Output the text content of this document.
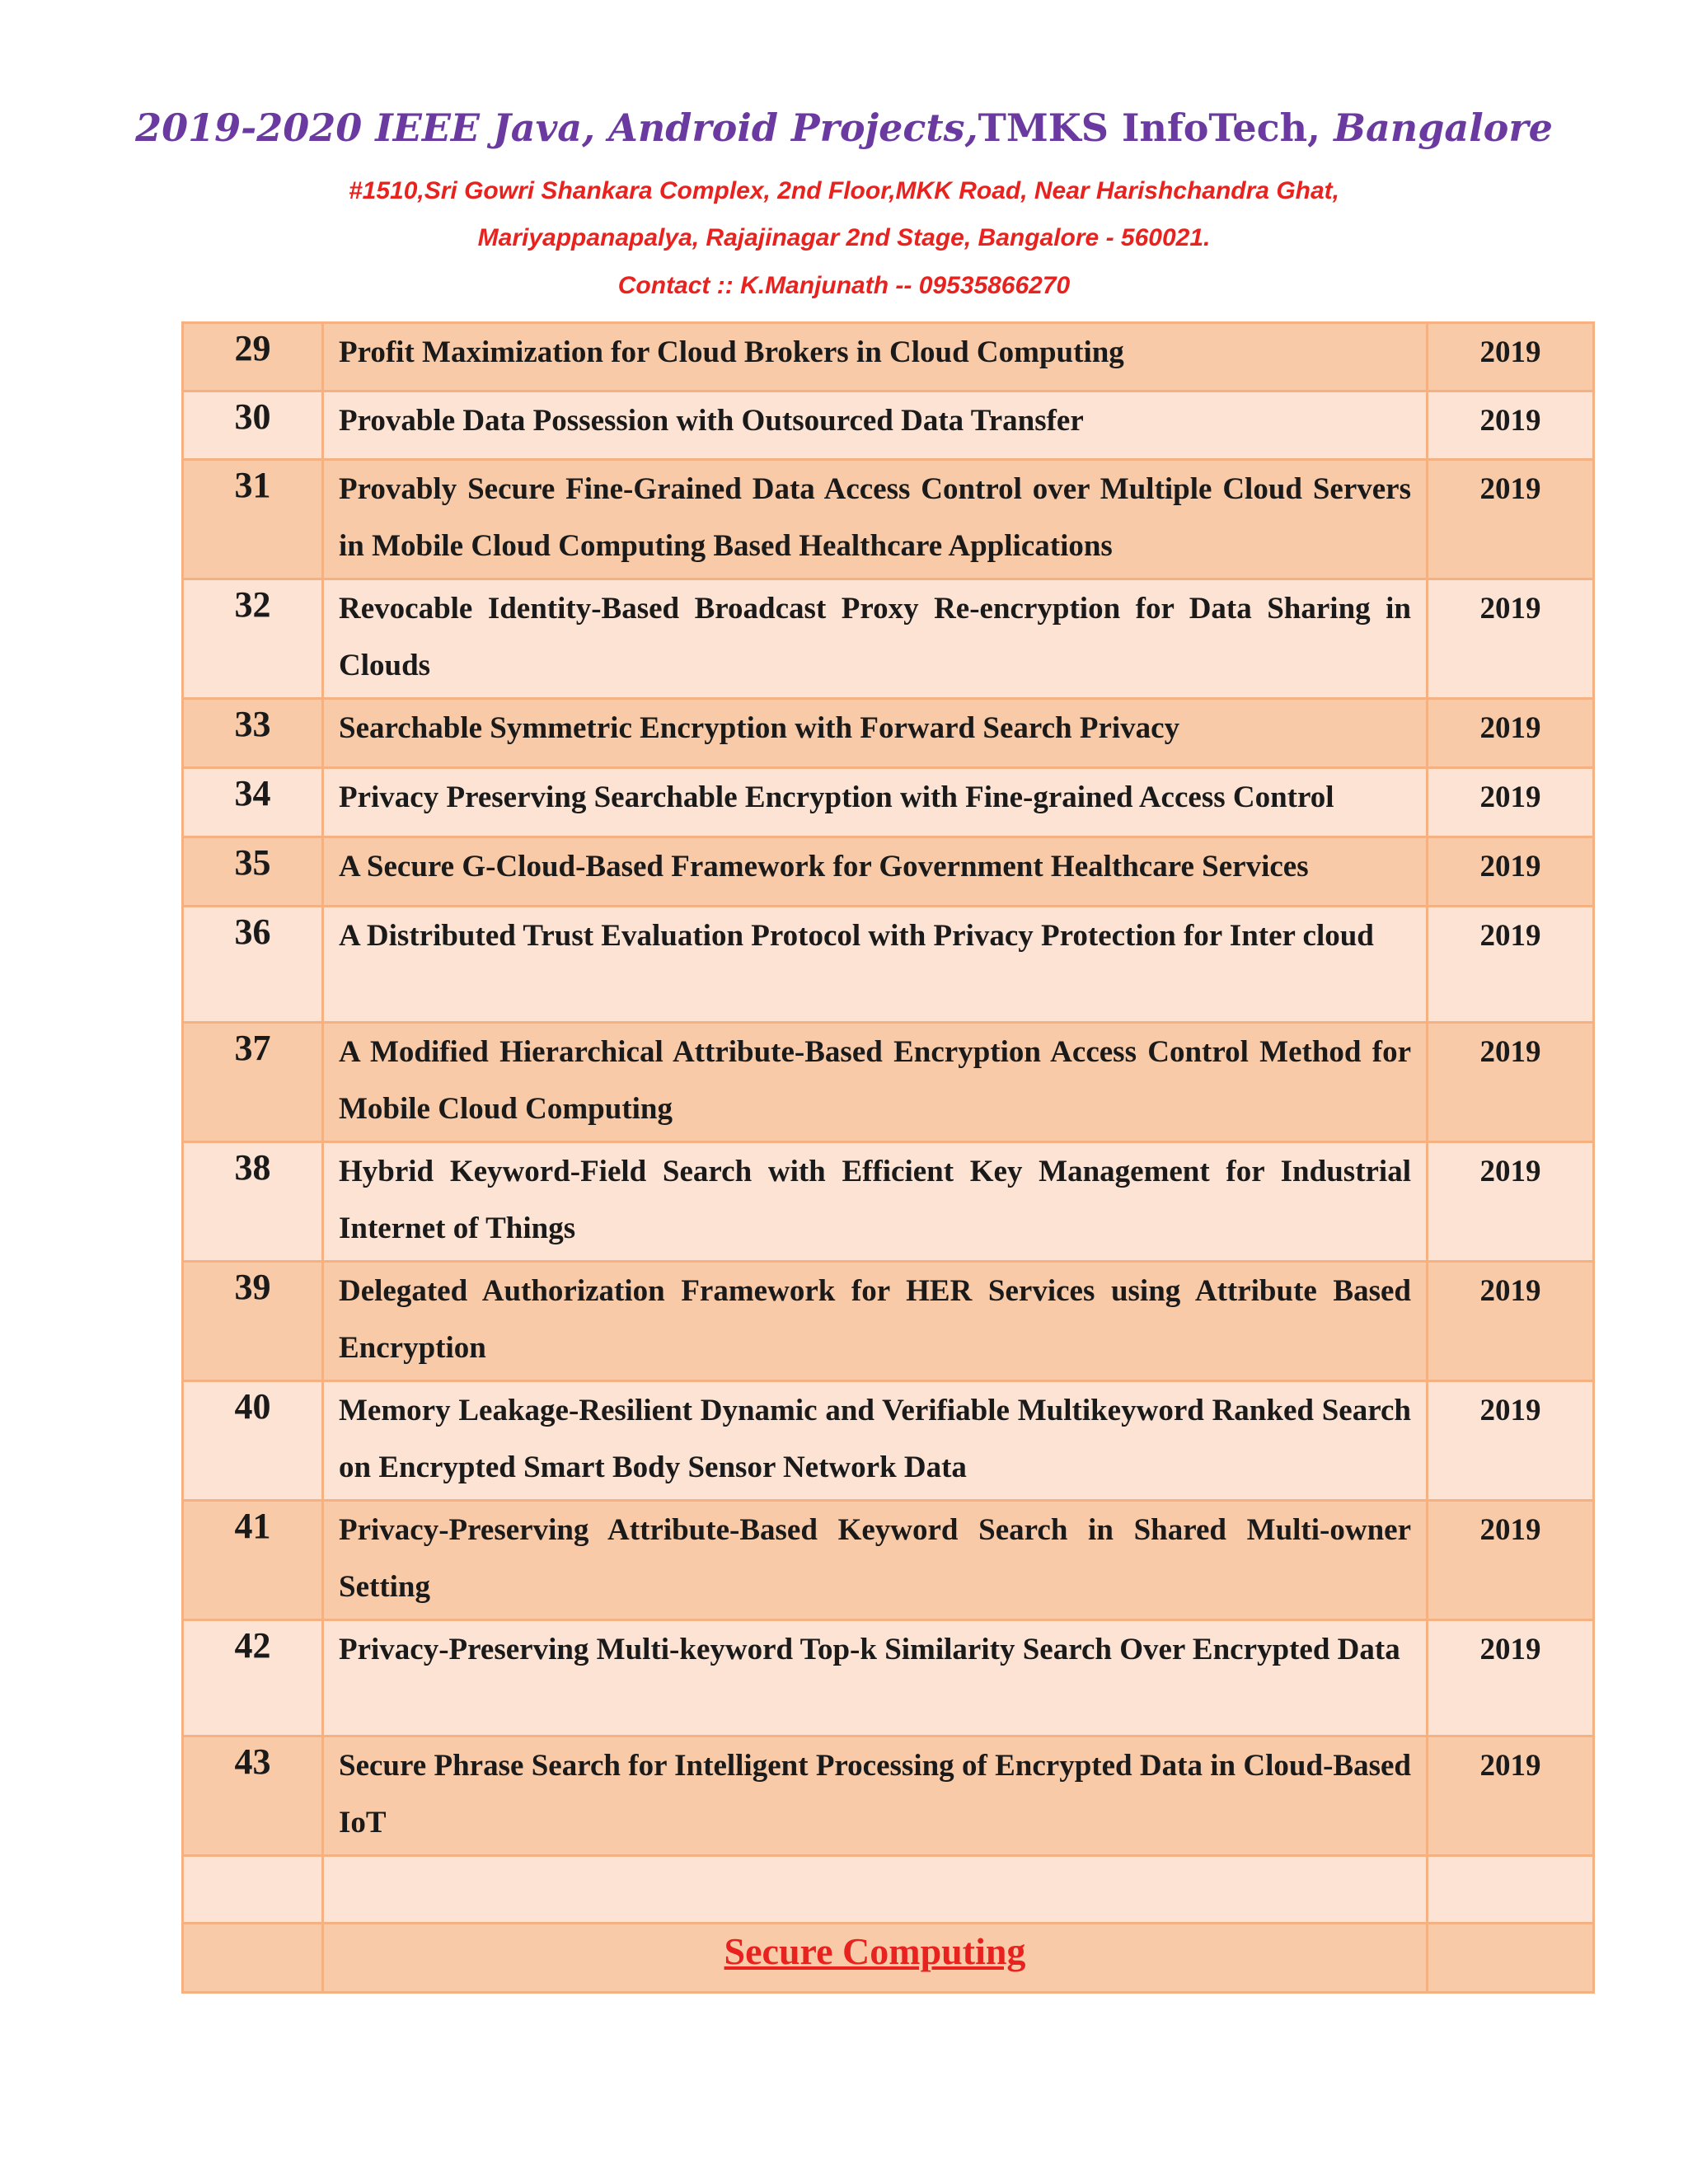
2019-2020 IEEE Java, Android Projects,TMKS InfoTech, Bangalore
#1510,Sri Gowri Shankara Complex, 2nd Floor,MKK Road, Near Harishchandra Ghat,
Mariyappanapalya, Rajajinagar 2nd Stage, Bangalore - 560021.
Contact :: K.Manjunath -- 09535866270
29	Profit Maximization for Cloud Brokers in Cloud Computing	2019
30	Provable Data Possession with Outsourced Data Transfer	2019
31	Provably Secure Fine-Grained Data Access Control over Multiple Cloud Servers in Mobile Cloud Computing Based Healthcare Applications	2019
32	Revocable Identity-Based Broadcast Proxy Re-encryption for Data Sharing in Clouds	2019
33	Searchable Symmetric Encryption with Forward Search Privacy	2019
34	Privacy Preserving Searchable Encryption with Fine-grained Access Control	2019
35	A Secure G-Cloud-Based Framework for Government Healthcare Services	2019
36	A Distributed Trust Evaluation Protocol with Privacy Protection for Inter cloud	2019
37	A Modified Hierarchical Attribute-Based Encryption Access Control Method for Mobile Cloud Computing	2019
38	Hybrid Keyword-Field Search with Efficient Key Management for Industrial Internet of Things	2019
39	Delegated Authorization Framework for HER Services using Attribute Based Encryption	2019
40	Memory Leakage-Resilient Dynamic and Verifiable Multikeyword Ranked Search on Encrypted Smart Body Sensor Network Data	2019
41	Privacy-Preserving Attribute-Based Keyword Search in Shared Multi-owner Setting	2019
42	Privacy-Preserving Multi-keyword Top-k Similarity Search Over Encrypted Data	2019
43	Secure Phrase Search for Intelligent Processing of Encrypted Data in Cloud-Based IoT	2019

	Secure Computing	
